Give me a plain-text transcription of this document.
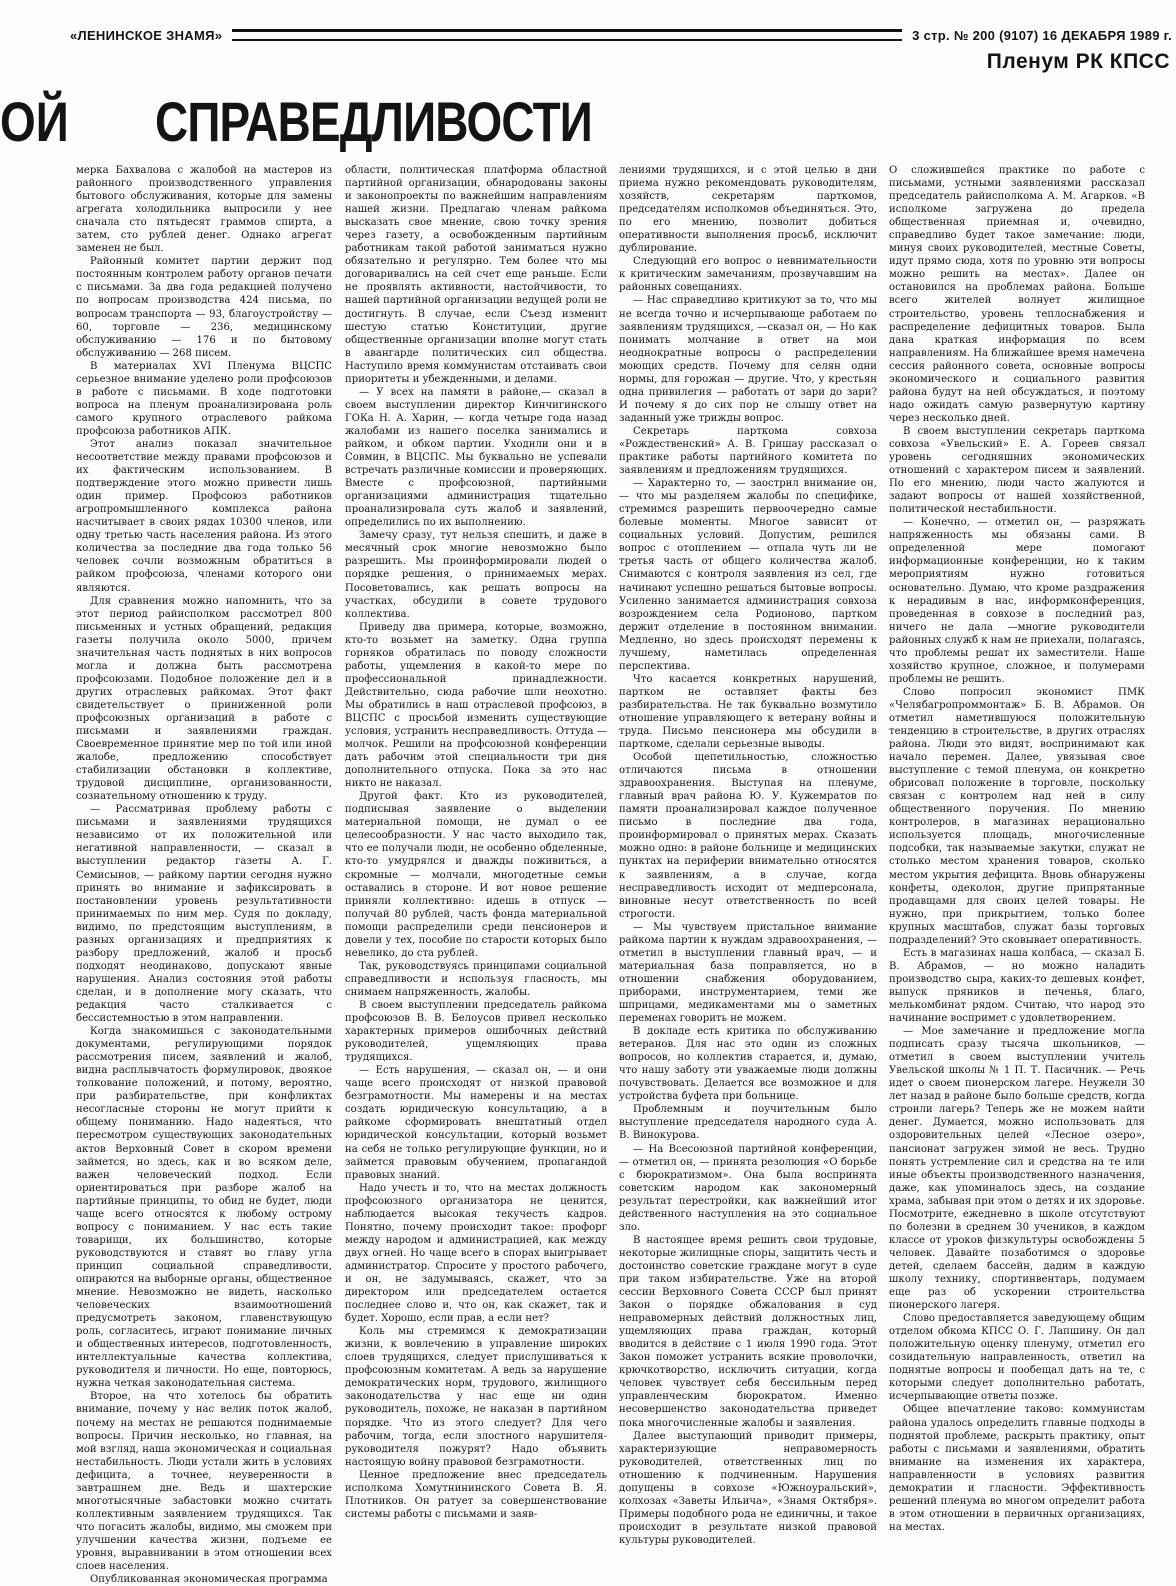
«ЛЕНИНСКОЕ ЗНАМЯ»	3 стр. № 200 (9107) 16 ДЕКАБРЯ 1989 г.
Пленум РК КПСС
ОЙ СПРАВЕДЛИВОСТИ

мерка Бахвалова с жалобой на мастеров из районного производственного управления бытового обслуживания, которые для замены агрегата холодильника выпросили у нее сначала сто пятьдесят граммов спирта, а затем, сто рублей денег. Однако агрегат заменен не был.

Районный комитет партии держит под постоянным контролем работу органов печати с письмами. За два года редакцией получено по вопросам производства 424 письма, по вопросам транспорта — 93, благоустройству —60, торговле — 236, медицинскому обслуживанию — 176 и по бытовому обслуживанию — 268 писем.

В материалах XVI Пленума ВЦСПС серьезное внимание уделено роли профсоюзов в работе с письмами. В ходе подготовки вопроса на пленум проанализирована роль самого крупного отраслевого райкома профсоюза работников АПК.

Этот анализ показал значительное несоответствие между правами профсоюзов и их фактическим использованием. В подтверждение этого можно привести лишь один пример. Профсоюз работников агропромышленного комплекса района насчитывает в своих рядах 10300 членов, или одну третью часть населения района. Из этого количества за последние два года только 56 человек сочли возможным обратиться в райком профсоюза, членами которого они являются.

Для сравнения можно напомнить, что за этот период райисполком рассмотрел 800 письменных и устных обращений, редакция газеты получила около 5000, причем значительная часть поднятых в них вопросов могла и должна быть рассмотрена профсоюзами. Подобное положение дел и в других отраслевых райкомах. Этот факт свидетельствует о приниженной роли профсоюзных организаций в работе с письмами и заявлениями граждан. Своевременное принятие мер по той или иной жалобе, предложению способствует стабилизации обстановки в коллективе, трудовой дисциплине, организованности, сознательному отношению к труду.

— Рассматривая проблему работы с письмами и заявлениями трудящихся независимо от их положительной или негативной направленности, — сказал в выступлении редактор газеты А. Г. Семисынов, — райкому партии сегодня нужно принять во внимание и зафиксировать в постановлении уровень результативности принимаемых по ним мер. Судя по докладу, видимо, по предстоящим выступлениям, в разных организациях и предприятиях к разбору предложений, жалоб и просьб подходят неодинаково, допускают явные нарушения. Анализ состояния этой работы сделан, и в дополнение могу сказать, что редакция часто сталкивается с бессистемностью в этом направлении.

Когда знакомишься с законодательными документами, регулирующими порядок рассмотрения писем, заявлений и жалоб, видна расплывчатость формулировок, двоякое толкование положений, и потому, вероятно, при разбирательстве, при конфликтах несогласные стороны не могут прийти к общему пониманию. Надо надеяться, что пересмотром существующих законодательных актов Верховный Совет в скором времени займется, но здесь, как и во всяком деле, важен человеческий подход. Если ориентироваться при разборе жалоб на партийные принципы, то обид не будет, люди чаще всего относятся к любому острому вопросу с пониманием. У нас есть такие товарищи, их большинство, которые руководствуются и ставят во главу угла принцип социальной справедливости, опираются на выборные органы, общественное мнение. Невозможно не видеть, насколько человеческих взаимоотношений предусмотреть законом, главенствующую роль, согласитесь, играют понимание личных и общественных интересов, подготовленность, интеллектуальные качества коллектива, руководителя и личности. Но еще, повторюсь, нужна четкая законодательная система.

Второе, на что хотелось бы обратить внимание, почему у нас велик поток жалоб, почему на местах не решаются поднимаемые вопросы. Причин несколько, но главная, на мой взгляд, наша экономическая и социальная нестабильность. Люди устали жить в условиях дефицита, а точнее, неуверенности в завтрашнем дне. Ведь и шахтерские многотысячные забастовки можно считать коллективным заявлением трудящихся. Так что погасить жалобы, видимо, мы сможем при улучшении качества жизни, подъеме ее уровня, выравнивании в этом отношении всех слоев населения.

Опубликованная экономическая программа

области, политическая платформа областной партийной организации, обнародованы законы и законопроекты по важнейшим направлениям нашей жизни. Предлагаю членам райкома высказать свое мнение, свою точку зрения через газету, а освобожденным партийным работникам такой работой заниматься нужно обязательно и регулярно. Тем более что мы договаривались на сей счет еще раньше. Если не проявлять активности, настойчивости, то нашей партийной организации ведущей роли не достигнуть. В случае, если Съезд изменит шестую статью Конституции, другие общественные организации вполне могут стать в авангарде политических сил общества. Наступило время коммунистам отстаивать свои приоритеты и убежденными, и делами.

— У всех на памяти в районе,— сказал в своем выступлении директор Кинчигинского ГОКа Н. А. Харин, — когда четыре года назад жалобами из нашего поселка занимались и райком, и обком партии. Уходили они и в Совмин, в ВЦСПС. Мы буквально не успевали встречать различные комиссии и проверяющих. Вместе с профсоюзной, партийными организациями администрация тщательно проанализировала суть жалоб и заявлений, определились по их выполнению.

Замечу сразу, тут нельзя спешить, и даже в месячный срок многие невозможно было разрешить. Мы проинформировали людей о порядке решения, о принимаемых мерах. Посоветовались, как решать вопросы на участках, обсудили в совете трудового коллектива.

Приведу два примера, которые, возможно, кто-то возьмет на заметку. Одна группа горняков обратилась по поводу сложности работы, ущемления в какой-то мере по профессиональной принадлежности. Действительно, сюда рабочие шли неохотно. Мы обратились в наш отраслевой профсоюз, в ВЦСПС с просьбой изменить существующие условия, устранить несправедливость. Оттуда — молчок. Решили на профсоюзной конференции дать рабочим этой специальности три дня дополнительного отпуска. Пока за это нас никто не наказал.

Другой факт. Кто из руководителей, подписывая заявление о выделении материальной помощи, не думал о ее целесообразности. У нас часто выходило так, что ее получали люди, не особенно обделенные, кто-то умудрялся и дважды поживиться, а скромные — молчали, многодетные семьи оставались в стороне. И вот новое решение приняли коллективно: идешь в отпуск — получай 80 рублей, часть фонда материальной помощи распределили среди пенсионеров и довели у тех, пособие по старости которых было невелико, до ста рублей.

Так, руководствуясь принципами социальной справедливости и используя гласность, мы снимаем напряженность, жалобы.

В своем выступлении председатель райкома профсоюзов В. В. Белоусов привел несколько характерных примеров ошибочных действий руководителей, ущемляющих права трудящихся.

— Есть нарушения, — сказал он, — и они чаще всего происходят от низкой правовой безграмотности. Мы намерены и на местах создать юридическую консультацию, а в райкоме сформировать внештатный отдел юридической консультации, который возьмет на себя не только регулирующие функции, но и займется правовым обучением, пропагандой правовых знаний.

Надо учесть и то, что на местах должность профсоюзного организатора не ценится, наблюдается высокая текучесть кадров. Понятно, почему происходит такое: профорг между народом и администрацией, как между двух огней. Но чаще всего в спорах выигрывает администратор. Спросите у простого рабочего, и он, не задумываясь, скажет, что за директором или председателем остается последнее слово и, что он, как скажет, так и будет. Хорошо, если прав, а если нет?

Коль мы стремимся к демократизации жизни, к вовлечению в управление широких слоев трудящихся, следует прислушиваться к профсоюзным комитетам. А ведь за нарушение демократических норм, трудового, жилищного законодательства у нас еще ни один руководитель, похоже, не наказан в партийном порядке. Что из этого следует? Для чего рабочим, тогда, если злостного нарушителя-руководителя пожурят? Надо объявить настоящую войну правовой безграмотности.

Ценное предложение внес председатель исполкома Хомутнининского Совета В. Я. Плотников. Он ратует за совершенствование системы работы с письмами и заяв-

лениями трудящихся, и с этой целью в дни приема нужно рекомендовать руководителям, хозяйств, секретарям парткомов, председателям исполкомов объединяться. Это, по его мнению, позволит добиться оперативности выполнения просьб, исключит дублирование.

Следующий его вопрос о невнимательности к критическим замечаниям, прозвучавшим на районных совещаниях.

— Нас справедливо критикуют за то, что мы не всегда точно и исчерпывающе работаем по заявлениям трудящихся, —сказал он, — Но как понимать молчание в ответ на мои неоднократные вопросы о распределении моющих средств. Почему для селян одни нормы, для горожан — другие. Что, у крестьян одна привилегия — работать от зари до зари? И почему я до сих пор не слышу ответ на заданный уже трижды вопрос.

Секретарь парткома совхоза «Рождественский» А. В. Гришау рассказал о практике работы партийного комитета по заявлениям и предложениям трудящихся.

— Характерно то, — заострил внимание он, — что мы разделяем жалобы по специфике, стремимся разрешить первоочередно самые болевые моменты. Многое зависит от социальных условий. Допустим, решился вопрос с отоплением — отпала чуть ли не третья часть от общего количества жалоб. Снимаются с контроля заявления из сел, где начинают успешно решаться бытовые вопросы. Усиленно занимается администрация совхоза возрождением села Родионово, партком держит отделение в постоянном внимании. Медленно, но здесь происходят перемены к лучшему, наметилась определенная перспектива.

Что касается конкретных нарушений, партком не оставляет факты без разбирательства. Не так буквально возмутило отношение управляющего к ветерану войны и труда. Письмо пенсионера мы обсудили в парткоме, сделали серьезные выводы.

Особой щепетильностью, сложностью отличаются письма в отношении здравоохранения. Выступая на пленуме, главный врач района Ю. У. Кужемратов по памяти проанализировал каждое полученное письмо в последние два года, проинформировал о принятых мерах. Сказать можно одно: в районе больнице и медицинских пунктах на периферии внимательно относятся к заявлениям, а в случае, когда несправедливость исходит от медперсонала, виновные несут ответственность по всей строгости.

— Мы чувствуем пристальное внимание райкома партии к нуждам здравоохранения, — отметил в выступлении главный врач, — и материальная база поправляется, но в отношении снабжения оборудованием, приборами, инструментарием, теми же шприцами, медикаментами мы о заметных переменах говорить не можем.

В докладе есть критика по обслуживанию ветеранов. Для нас это один из сложных вопросов, но коллектив старается, и, думаю, что нашу заботу эти уважаемые люди должны почувствовать. Делается все возможное и для устройства буфета при больнице.

Проблемным и поучительным было выступление председателя народного суда А. В. Винокурова.

— На Всесоюзной партийной конференции, — отметил он, — принята резолюция «О борьбе с бюрократизмом». Она была воспринята советским народом как закономерный результат перестройки, как важнейший итог действенного наступления на это социальное зло.

В настоящее время решить свои трудовые, некоторые жилищные споры, защитить честь и достоинство советские граждане могут в суде при таком избирательстве. Уже на второй сессии Верховного Совета СССР был принят Закон о порядке обжалования в суд неправомерных действий должностных лиц, ущемляющих права граждан, который вводится в действие с 1 июля 1990 года. Этот Закон поможет устранить всякие проволочки, крючкотворство, исключить ситуации, когда человек чувствует себя бессильным перед управленческим бюрократом. Именно несовершенство законодательства приведет пока многочисленные жалобы и заявления.

Далее выступающий приводит примеры, характеризующие неправомерность руководителей, ответственных лиц по отношению к подчиненным. Нарушения допущены в совхозе «Южноуральский», колхозах «Заветы Ильича», «Знамя Октября». Примеры подобного рода не единичны, и такое происходит в результате низкой правовой культуры руководителей.

О сложившейся практике по работе с письмами, устными заявлениями рассказал председатель райисполкома А. М. Агарков. «В исполкоме загружена до предела общественная приемная и, очевидно, справедливо будет такое замечание: люди, минуя своих руководителей, местные Советы, идут прямо сюда, хотя по уровню эти вопросы можно решить на местах». Далее он остановился на проблемах района. Больше всего жителей волнует жилищное строительство, уровень теплоснабжения и распределение дефицитных товаров. Была дана краткая информация по всем направлениям. На ближайшее время намечена сессия районного совета, основные вопросы экономического и социального развития района будут на ней обсуждаться, и поэтому надо ожидать самую развернутую картину через несколько дней.

В своем выступлении секретарь парткома совхоза «Увельский» Е. А. Гореев связал уровень сегодняшних экономических отношений с характером писем и заявлений. По его мнению, люди часто жалуются и задают вопросы от нашей хозяйственной, политической нестабильности.

— Конечно, — отметил он, — разряжать напряженность мы обязаны сами. В определенной мере помогают информационные конференции, но к таким мероприятиям нужно готовиться основательно. Думаю, что кроме раздражения к нерадивым в нас, информконференция, проведенная в совхозе в последний раз, ничего не дала —многие руководители районных служб к нам не приехали, полагаясь, что проблемы решат их заместители. Наше хозяйство крупное, сложное, и полумерами проблемы не решить.

Слово попросил экономист ПМК «Челябагропроммонтаж» Б. В. Абрамов. Он отметил наметившуюся положительную тенденцию в строительстве, в других отраслях района. Люди это видят, воспринимают как начало перемен. Далее, увязывая свое выступление с темой пленума, он конкретно обрисовал положение в торговле, поскольку связан с контролем над ней в силу общественного поручения. По мнению контролеров, в магазинах нерационально используется площадь, многочисленные подсобки, так называемые закутки, служат не столько местом хранения товаров, сколько местом укрытия дефицита. Вновь обнаружены конфеты, одеколон, другие припрятанные продавщами для своих целей товары. Не нужно, при прикрытием, только более крупных масштабов, служат базы торговых подразделений? Это сковывает оперативность.

Есть в магазинах наша колбаса, — сказал Б. В. Абрамов, — но можно наладить производство сыра, каких-то дешевых конфет, выпуск пряников и печенья, благо, мелькомбинат рядом. Считаю, что народ это начинание воспримет с удовлетворением.

— Мое замечание и предложение могла подписать сразу тысяча школьников, — отметил в своем выступлении учитель Увельской школы № 1 П. Т. Пасичник. — Речь идет о своем пионерском лагере. Неужели 30 лет назад в районе было больше средств, когда строили лагерь? Теперь же не можем найти денег. Думается, можно использовать для оздоровительных целей «Лесное озеро», пансионат загружен зимой не весь. Трудно понять устремление сил и средства на те или иные объекты производственного назначения, даже, как упоминалось здесь, на создание храма, забывая при этом о детях и их здоровье. Посмотрите, ежедневно в школе отсутствуют по болезни в среднем 30 учеников, в каждом классе от уроков физкультуры освобождены 5 человек. Давайте позаботимся о здоровье детей, сделаем бассейн, дадим в каждую школу технику, спортинвентарь, подумаем еще раз об ускорении строительства пионерского лагеря.

Слово предоставляется заведующему общим отделом обкома КПСС О. Г. Лапшину. Он дал положительную оценку пленуму, отметил его созидательную направленность, ответил на поднятые вопросы и пообещал дать на те, с которыми следует дополнительно работать, исчерпывающие ответы позже.

Общее впечатление таково: коммунистам района удалось определить главные подходы в поднятой проблеме, раскрыть практику, опыт работы с письмами и заявлениями, обратить внимание на изменения их характера, направленности в условиях развития демократии и гласности. Эффективность решений пленума во многом определит работа в этом отношении в первичных организациях, на местах.
